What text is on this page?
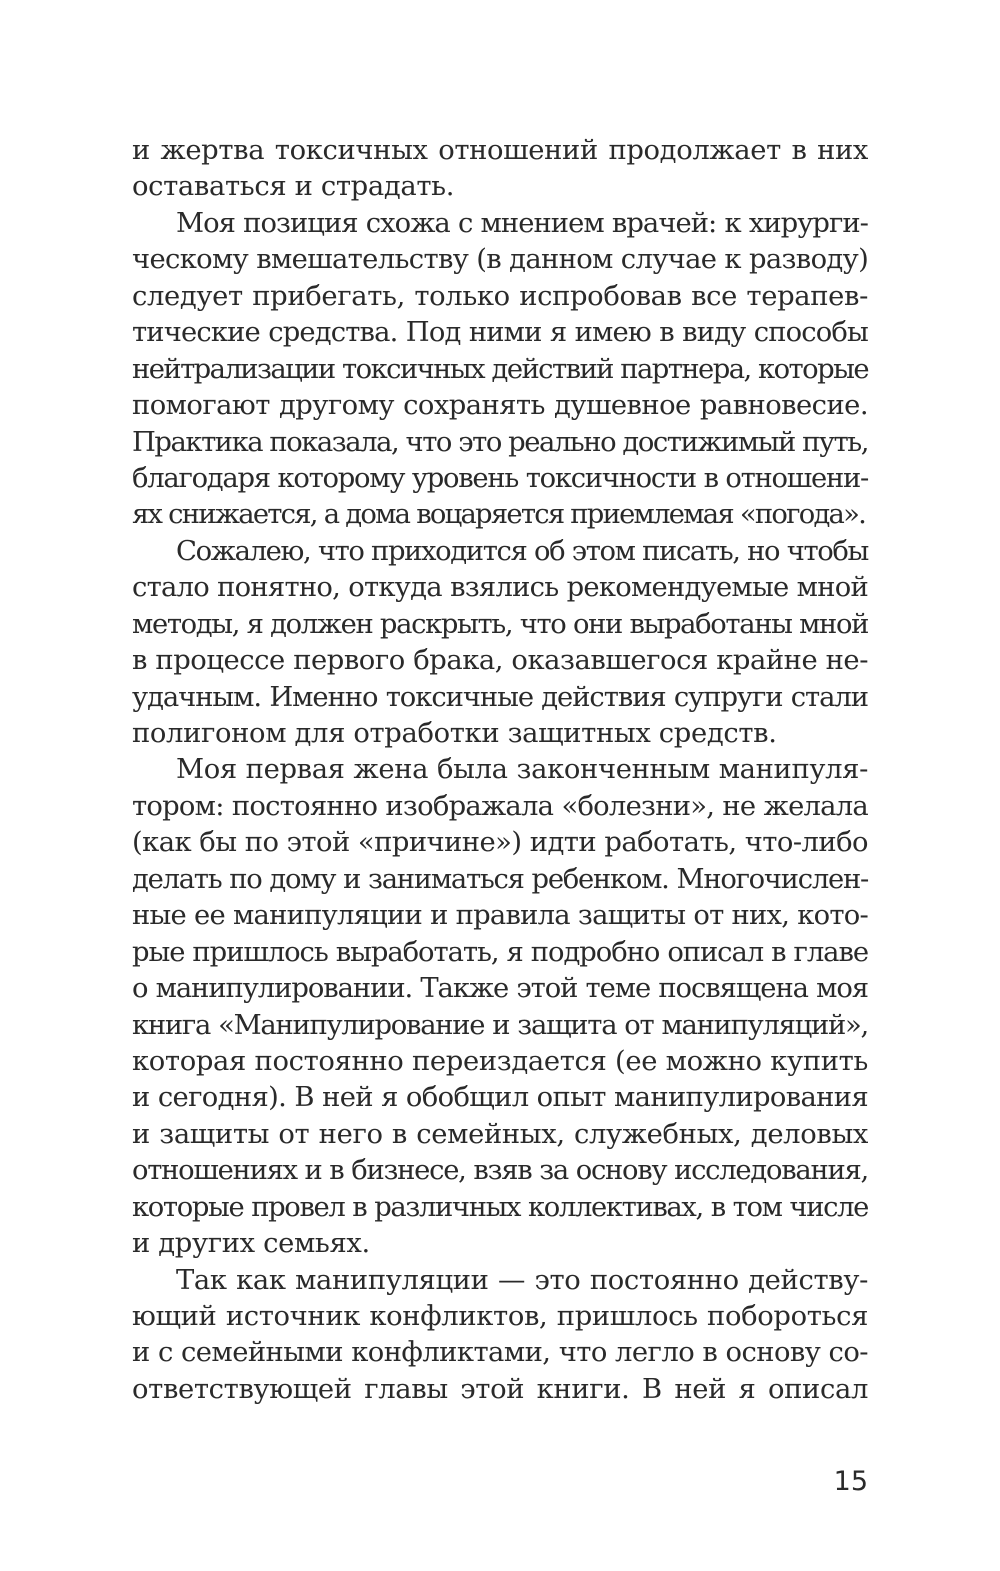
и жертва токсичных отношений продолжает в них
оставаться и страдать.
Моя позиция схожа с мнением врачей: к хирурги-
ческому вмешательству (в данном случае к разводу)
следует прибегать, только испробовав все терапев-
тические средства. Под ними я имею в виду способы
нейтрализации токсичных действий партнера, которые
помогают другому сохранять душевное равновесие.
Практика показала, что это реально достижимый путь,
благодаря которому уровень токсичности в отношени-
ях снижается, а дома воцаряется приемлемая «погода».
Сожалею, что приходится об этом писать, но чтобы
стало понятно, откуда взялись рекомендуемые мной
методы, я должен раскрыть, что они выработаны мной
в процессе первого брака, оказавшегося крайне не-
удачным. Именно токсичные действия супруги стали
полигоном для отработки защитных средств.
Моя первая жена была законченным манипуля-
тором: постоянно изображала «болезни», не желала
(как бы по этой «причине») идти работать, что-либо
делать по дому и заниматься ребенком. Многочислен-
ные ее манипуляции и правила защиты от них, кото-
рые пришлось выработать, я подробно описал в главе
о манипулировании. Также этой теме посвящена моя
книга «Манипулирование и защита от манипуляций»,
которая постоянно переиздается (ее можно купить
и сегодня). В ней я обобщил опыт манипулирования
и защиты от него в семейных, служебных, деловых
отношениях и в бизнесе, взяв за основу исследования,
которые провел в различных коллективах, в том числе
и других семьях.
Так как манипуляции — это постоянно действу-
ющий источник конфликтов, пришлось побороться
и с семейными конфликтами, что легло в основу со-
ответствующей главы этой книги. В ней я описал
15
